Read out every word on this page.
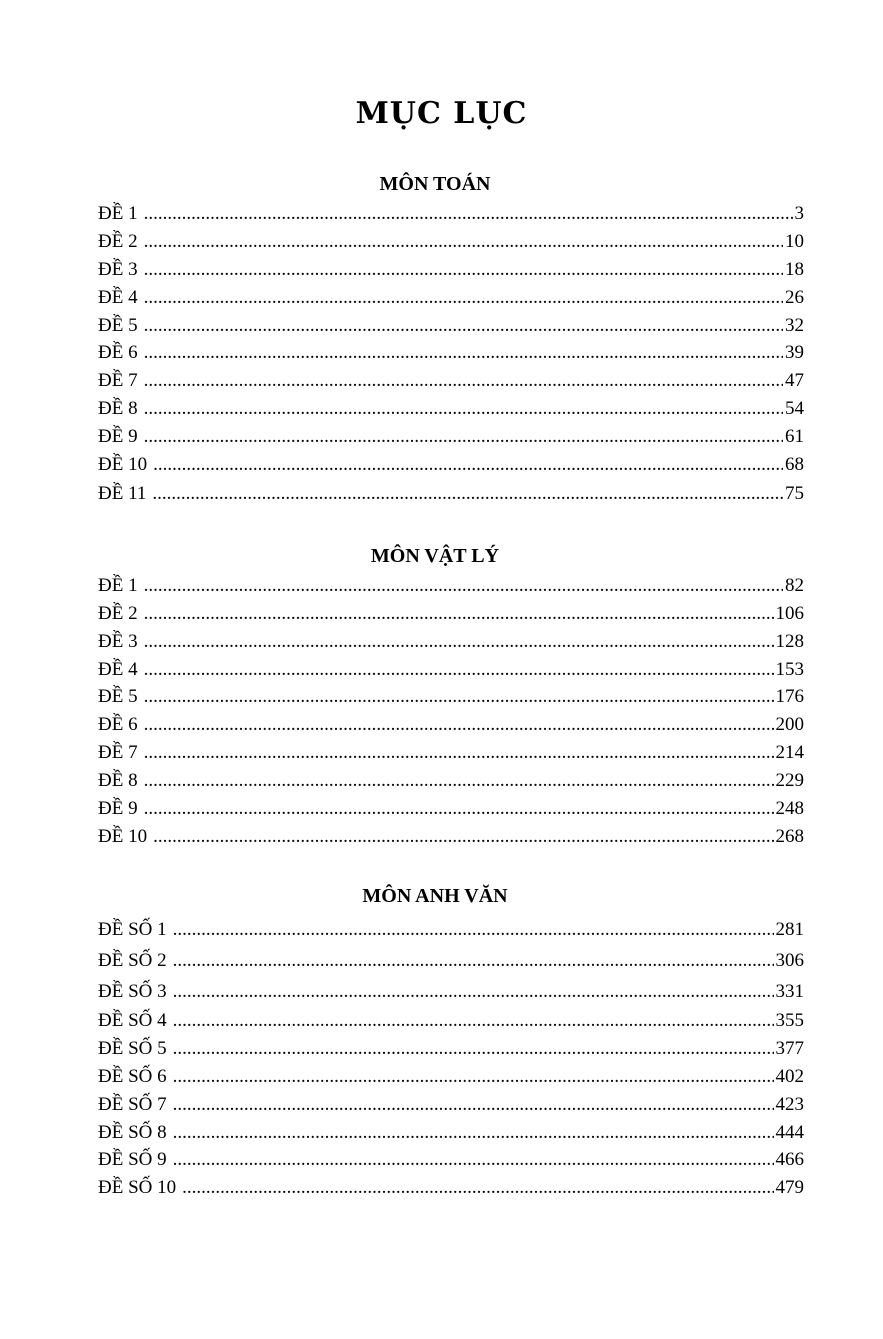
MỤC LỤC
MÔN TOÁN
ĐỀ 1 .....	3
ĐỀ 2 .....	10
ĐỀ 3 .....	18
ĐỀ 4 .....	26
ĐỀ 5 .....	32
ĐỀ 6 .....	39
ĐỀ 7 .....	47
ĐỀ 8 .....	54
ĐỀ 9 .....	61
ĐỀ 10 .....	68
ĐỀ 11 .....	75
MÔN VẬT LÝ
ĐỀ 1 .....	82
ĐỀ 2 .....	106
ĐỀ 3 .....	128
ĐỀ 4 .....	153
ĐỀ 5 .....	176
ĐỀ 6 .....	200
ĐỀ 7 .....	214
ĐỀ 8 .....	229
ĐỀ 9 .....	248
ĐỀ 10 .....	268
MÔN ANH VĂN
ĐỀ SỐ 1 .....	281
ĐỀ SỐ 2 .....	306
ĐỀ SỐ 3 .....	331
ĐỀ SỐ 4 .....	355
ĐỀ SỐ 5 .....	377
ĐỀ SỐ 6 .....	402
ĐỀ SỐ 7 .....	423
ĐỀ SỐ 8 .....	444
ĐỀ SỐ 9 .....	466
ĐỀ SỐ 10 .....	479
